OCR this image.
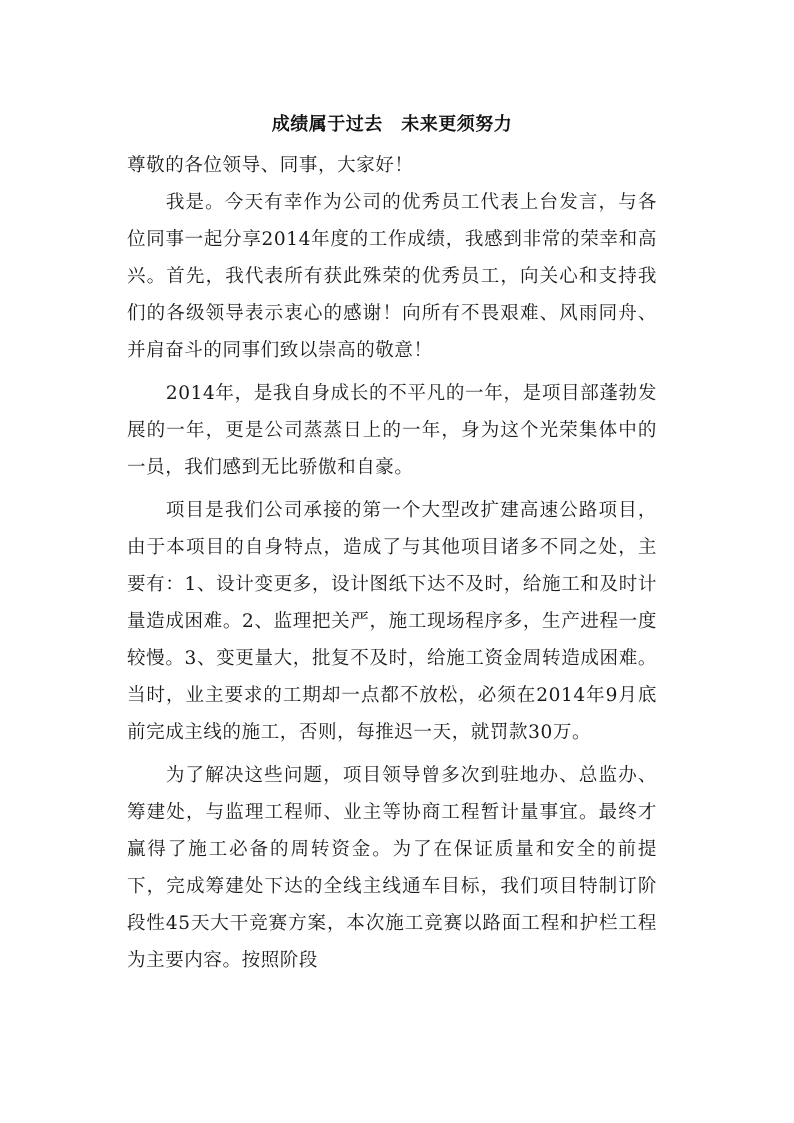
成绩属于过去　未来更须努力

尊敬的各位领导、同事，大家好！

我是。今天有幸作为公司的优秀员工代表上台发言，与各位同事一起分享2014年度的工作成绩，我感到非常的荣幸和高兴。首先，我代表所有获此殊荣的优秀员工，向关心和支持我们的各级领导表示衷心的感谢！向所有不畏艰难、风雨同舟、并肩奋斗的同事们致以崇高的敬意！

2014年，是我自身成长的不平凡的一年，是项目部蓬勃发展的一年，更是公司蒸蒸日上的一年，身为这个光荣集体中的一员，我们感到无比骄傲和自豪。

项目是我们公司承接的第一个大型改扩建高速公路项目，由于本项目的自身特点，造成了与其他项目诸多不同之处，主要有：1、设计变更多，设计图纸下达不及时，给施工和及时计量造成困难。2、监理把关严，施工现场程序多，生产进程一度较慢。3、变更量大，批复不及时，给施工资金周转造成困难。当时，业主要求的工期却一点都不放松，必须在2014年9月底前完成主线的施工，否则，每推迟一天，就罚款30万。

为了解决这些问题，项目领导曾多次到驻地办、总监办、筹建处，与监理工程师、业主等协商工程暂计量事宜。最终才赢得了施工必备的周转资金。为了在保证质量和安全的前提下，完成筹建处下达的全线主线通车目标，我们项目特制订阶段性45天大干竞赛方案，本次施工竞赛以路面工程和护栏工程为主要内容。按照阶段
